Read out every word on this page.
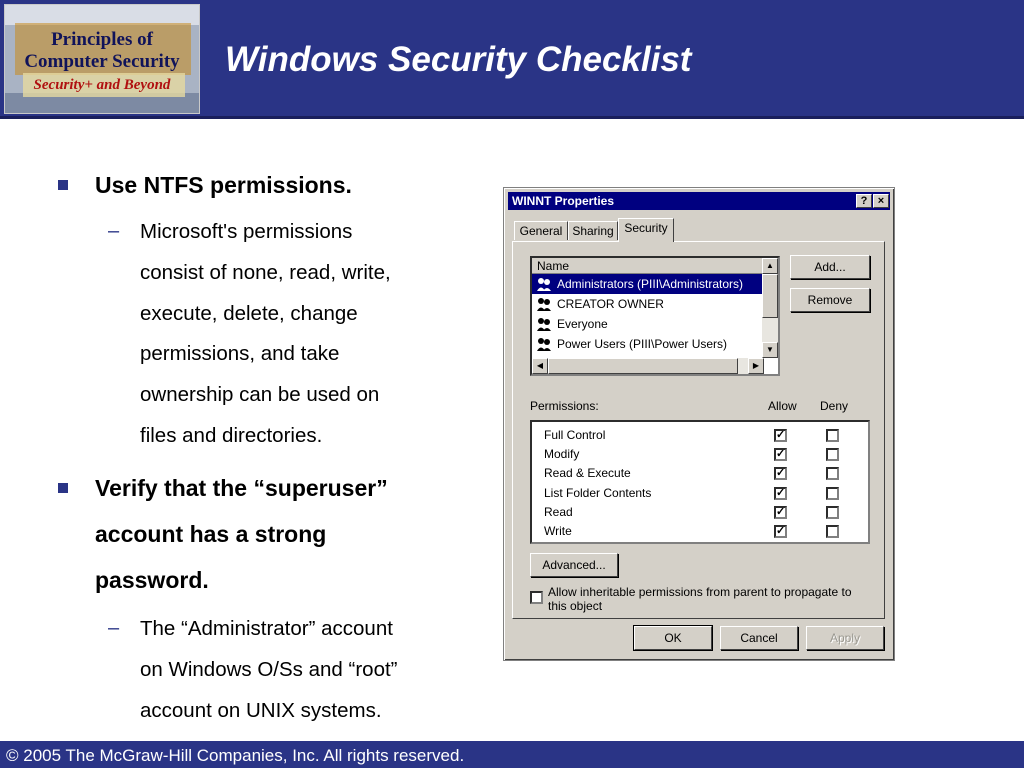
Principles of
Computer Security
Security+ and Beyond
Windows Security Checklist
Use NTFS permissions.
– Microsoft's permissions
consist of none, read, write,
execute, delete, change
permissions, and take
ownership can be used on
files and directories.
Verify that the “superuser”
account has a strong
password.
– The “Administrator” account
on Windows O/Ss and “root”
account on UNIX systems.
WINNT Properties	? ×
General Sharing Security
Name
Administrators (PIII\Administrators)
CREATOR OWNER
Everyone
Power Users (PIII\Power Users)
▲
▼
◀	▶
Add...
Remove
Permissions:	Allow Deny
Full Control	✓
Modify	✓
Read & Execute	✓
List Folder Contents	✓
Read	✓
Write	✓
Advanced...
Allow inheritable permissions from parent to propagate to this object
OK	Cancel	Apply
© 2005 The McGraw-Hill Companies, Inc. All rights reserved.
